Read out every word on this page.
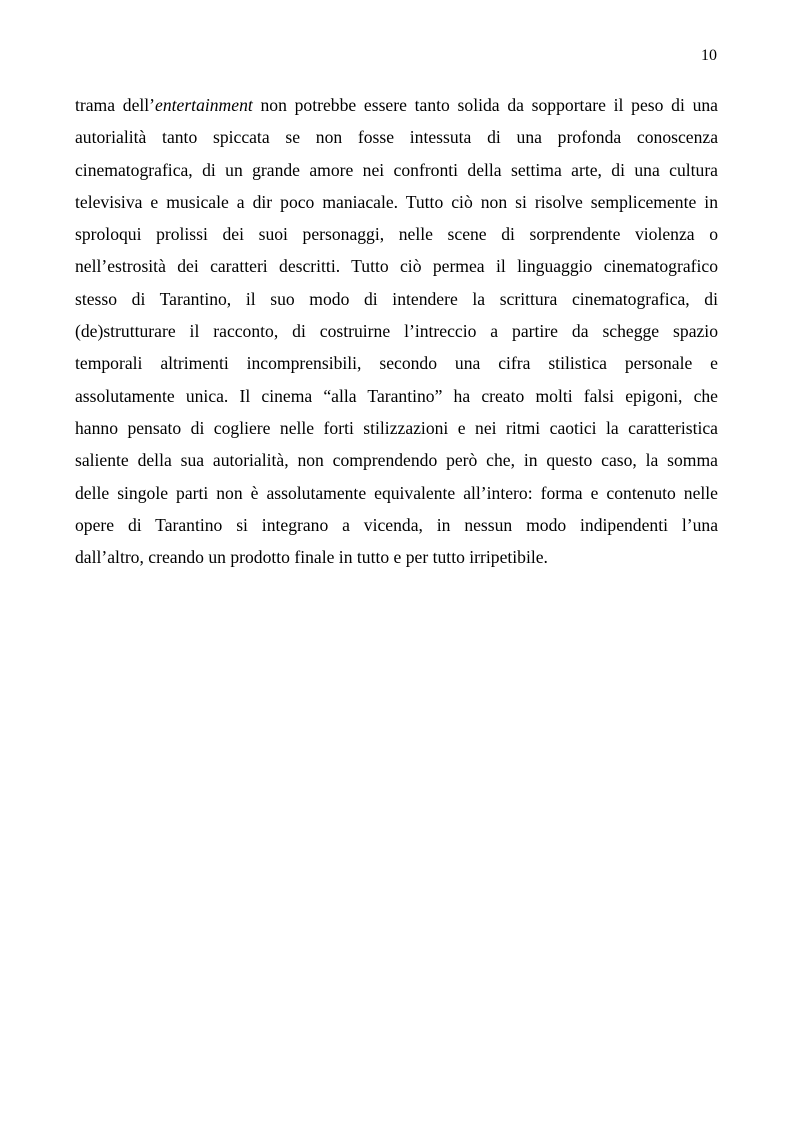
10
trama dell’entertainment non potrebbe essere tanto solida da sopportare il peso di una
autorialità tanto spiccata se non fosse intessuta di una profonda conoscenza
cinematografica, di un grande amore nei confronti della settima arte, di una cultura
televisiva e musicale a dir poco maniacale. Tutto ciò non si risolve semplicemente in
sproloqui prolissi dei suoi personaggi, nelle scene di sorprendente violenza o
nell’estrosità dei caratteri descritti. Tutto ciò permea il linguaggio cinematografico
stesso di Tarantino, il suo modo di intendere la scrittura cinematografica, di
(de)strutturare il racconto, di costruirne l’intreccio a partire da schegge spazio
temporali altrimenti incomprensibili, secondo una cifra stilistica personale e
assolutamente unica. Il cinema “alla Tarantino” ha creato molti falsi epigoni, che
hanno pensato di cogliere nelle forti stilizzazioni e nei ritmi caotici la caratteristica
saliente della sua autorialità, non comprendendo però che, in questo caso, la somma
delle singole parti non è assolutamente equivalente all’intero: forma e contenuto nelle
opere di Tarantino si integrano a vicenda, in nessun modo indipendenti l’una
dall’altro, creando un prodotto finale in tutto e per tutto irripetibile.
